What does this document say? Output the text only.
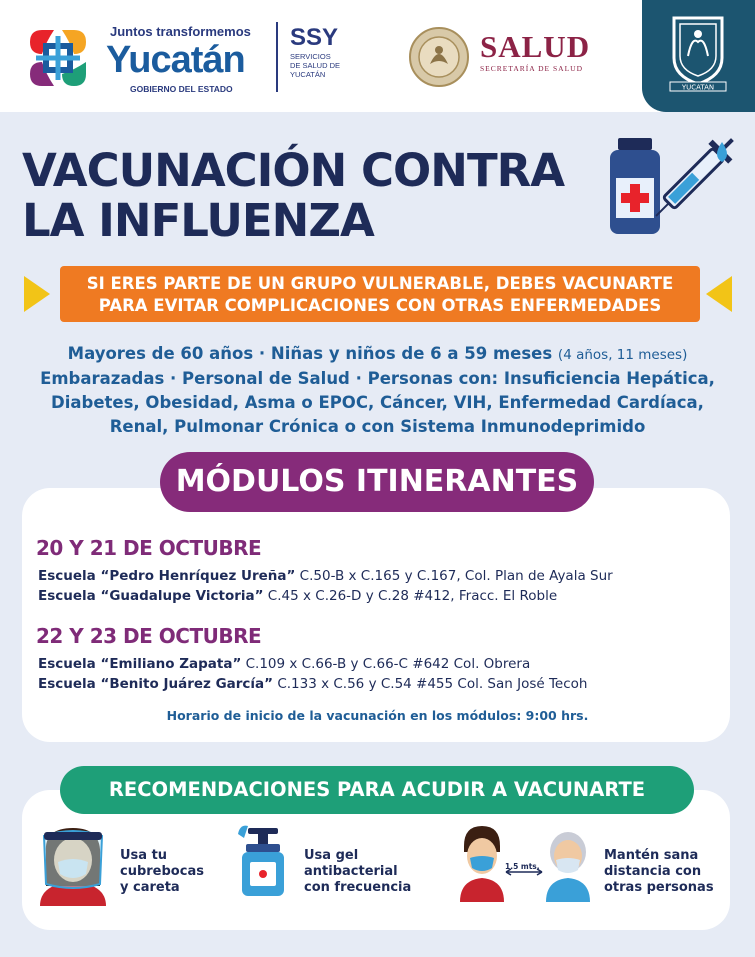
Juntos transformemos
Yucatán
GOBIERNO DEL ESTADO
SSY
SERVICIOS
DE SALUD DE
YUCATÁN
SALUD
SECRETARÍA DE SALUD
YUCATAN
VACUNACIÓN CONTRA
LA INFLUENZA
SI ERES PARTE DE UN GRUPO VULNERABLE, DEBES VACUNARTE
PARA EVITAR COMPLICACIONES CON OTRAS ENFERMEDADES
Mayores de 60 años · Niñas y niños de 6 a 59 meses (4 años, 11 meses)
Embarazadas · Personal de Salud · Personas con: Insuficiencia Hepática,
Diabetes, Obesidad, Asma o EPOC, Cáncer, VIH, Enfermedad Cardíaca,
Renal, Pulmonar Crónica o con Sistema Inmunodeprimido
MÓDULOS ITINERANTES
20 Y 21 DE OCTUBRE
Escuela “Pedro Henríquez Ureña” C.50-B x C.165 y C.167, Col. Plan de Ayala Sur
Escuela “Guadalupe Victoria” C.45 x C.26-D y C.28 #412, Fracc. El Roble
22 Y 23 DE OCTUBRE
Escuela “Emiliano Zapata” C.109 x C.66-B y C.66-C #642 Col. Obrera
Escuela “Benito Juárez García” C.133 x C.56 y C.54 #455 Col. San José Tecoh
Horario de inicio de la vacunación en los módulos: 9:00 hrs.
RECOMENDACIONES PARA ACUDIR A VACUNARTE
Usa tu
cubrebocas
y careta
Usa gel
antibacterial
con frecuencia
1.5 mts.
Mantén sana
distancia con
otras personas
